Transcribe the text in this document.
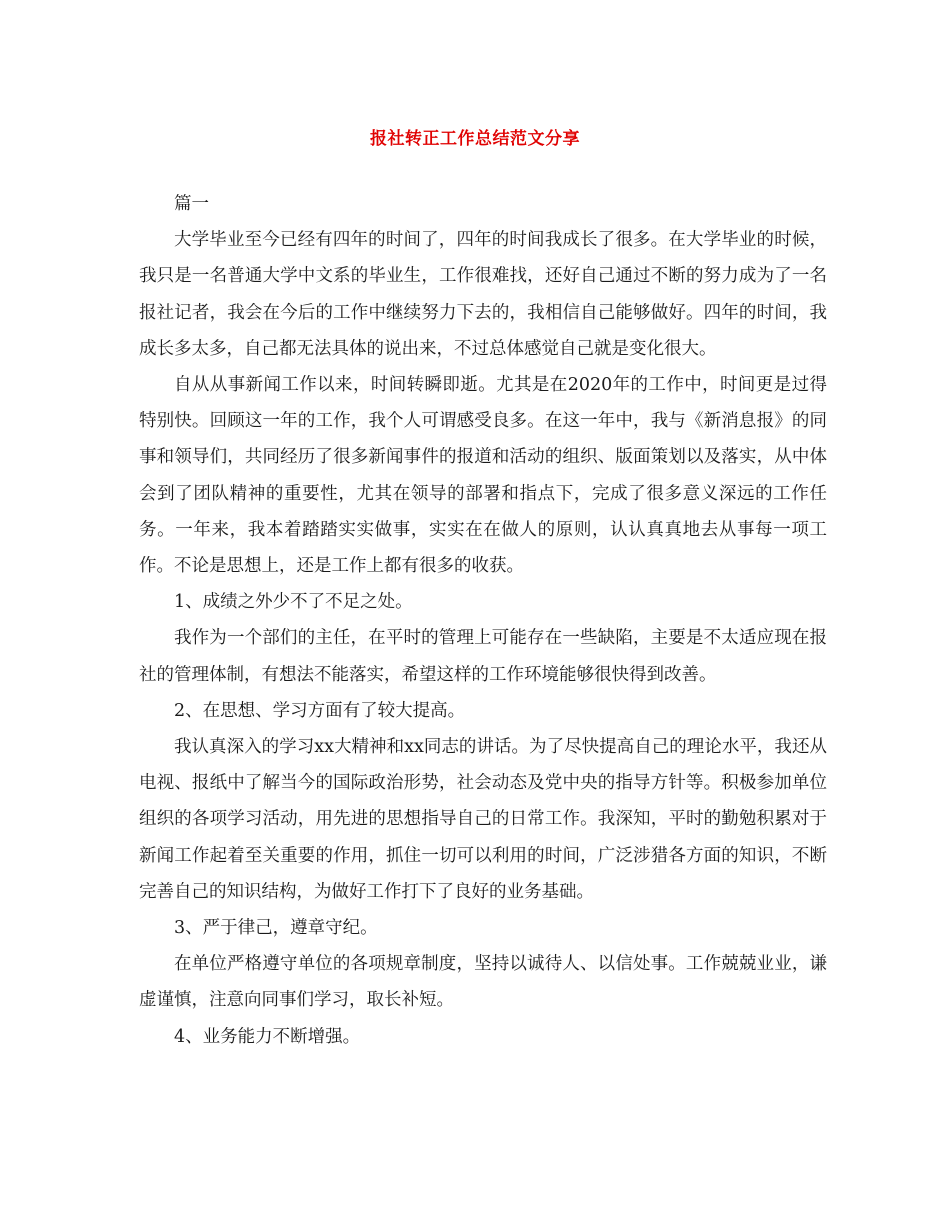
报社转正工作总结范文分享

篇一

大学毕业至今已经有四年的时间了，四年的时间我成长了很多。在大学毕业的时候，我只是一名普通大学中文系的毕业生，工作很难找，还好自己通过不断的努力成为了一名报社记者，我会在今后的工作中继续努力下去的，我相信自己能够做好。四年的时间，我成长多太多，自己都无法具体的说出来，不过总体感觉自己就是变化很大。

自从从事新闻工作以来，时间转瞬即逝。尤其是在2020年的工作中，时间更是过得特别快。回顾这一年的工作，我个人可谓感受良多。在这一年中，我与《新消息报》的同事和领导们，共同经历了很多新闻事件的报道和活动的组织、版面策划以及落实，从中体会到了团队精神的重要性，尤其在领导的部署和指点下，完成了很多意义深远的工作任务。一年来，我本着踏踏实实做事，实实在在做人的原则，认认真真地去从事每一项工作。不论是思想上，还是工作上都有很多的收获。

1、成绩之外少不了不足之处。

我作为一个部们的主任，在平时的管理上可能存在一些缺陷，主要是不太适应现在报社的管理体制，有想法不能落实，希望这样的工作环境能够很快得到改善。

2、在思想、学习方面有了较大提高。

我认真深入的学习xx大精神和xx同志的讲话。为了尽快提高自己的理论水平，我还从电视、报纸中了解当今的国际政治形势，社会动态及党中央的指导方针等。积极参加单位组织的各项学习活动，用先进的思想指导自己的日常工作。我深知，平时的勤勉积累对于新闻工作起着至关重要的作用，抓住一切可以利用的时间，广泛涉猎各方面的知识，不断完善自己的知识结构，为做好工作打下了良好的业务基础。

3、严于律己，遵章守纪。

在单位严格遵守单位的各项规章制度，坚持以诚待人、以信处事。工作兢兢业业，谦虚谨慎，注意向同事们学习，取长补短。

4、业务能力不断增强。
